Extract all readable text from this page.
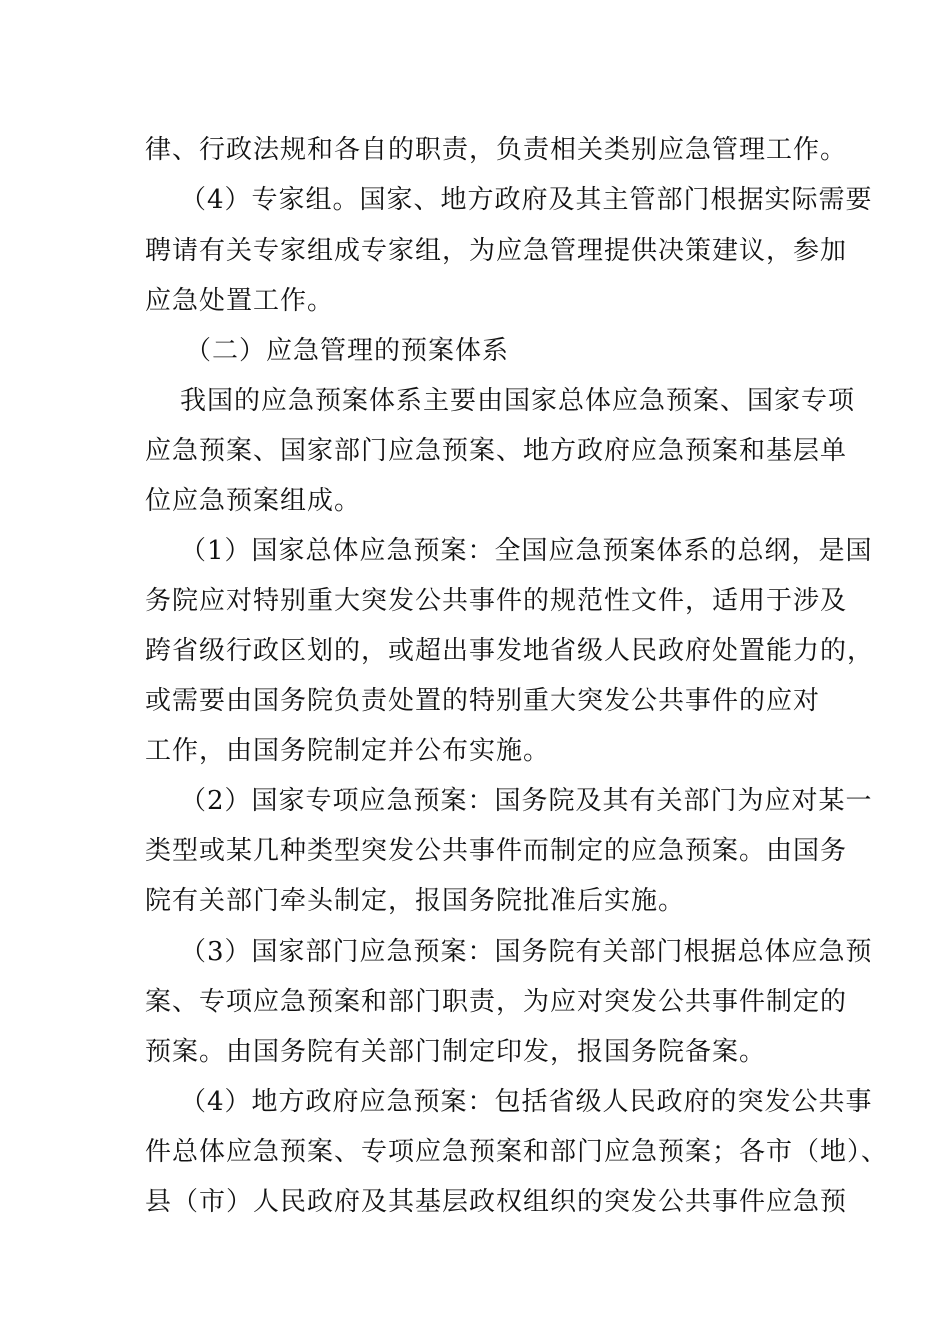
律、行政法规和各自的职责，负责相关类别应急管理工作。
（4）专家组。国家、地方政府及其主管部门根据实际需要
聘请有关专家组成专家组，为应急管理提供决策建议，参加
应急处置工作。
（二）应急管理的预案体系
我国的应急预案体系主要由国家总体应急预案、国家专项
应急预案、国家部门应急预案、地方政府应急预案和基层单
位应急预案组成。
（1）国家总体应急预案：全国应急预案体系的总纲，是国
务院应对特别重大突发公共事件的规范性文件，适用于涉及
跨省级行政区划的，或超出事发地省级人民政府处置能力的，
或需要由国务院负责处置的特别重大突发公共事件的应对
工作，由国务院制定并公布实施。
（2）国家专项应急预案：国务院及其有关部门为应对某一
类型或某几种类型突发公共事件而制定的应急预案。由国务
院有关部门牵头制定，报国务院批准后实施。
（3）国家部门应急预案：国务院有关部门根据总体应急预
案、专项应急预案和部门职责，为应对突发公共事件制定的
预案。由国务院有关部门制定印发，报国务院备案。
（4）地方政府应急预案：包括省级人民政府的突发公共事
件总体应急预案、专项应急预案和部门应急预案；各市（地）、
县（市）人民政府及其基层政权组织的突发公共事件应急预
